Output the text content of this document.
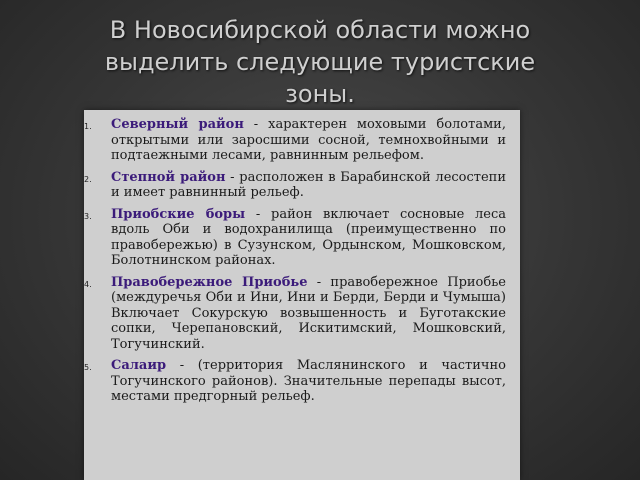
В Новосибирской области можно выделить следующие туристские зоны.
1. Северный район - характерен моховыми болотами, открытыми или заросшими сосной, темнохвойными и подтаежными лесами, равнинным рельефом.
2. Степной район - расположен в Барабинской лесостепи и имеет равнинный рельеф.
3. Приобские боры - район включает сосновые леса вдоль Оби и водохранилища (преимущественно по правобережью) в Сузунском, Ордынском, Мошковском, Болотнинском районах.
4. Правобережное Приобье - правобережное Приобье (междуречья Оби и Ини, Ини и Берди, Берди и Чумыша) Включает Сокурскую возвышенность и Буготакские сопки, Черепановский, Искитимский, Мошковский, Тогучинский.
5. Салаир - (территория Маслянинского и частично Тогучинского районов). Значительные перепады высот, местами предгорный рельеф.
